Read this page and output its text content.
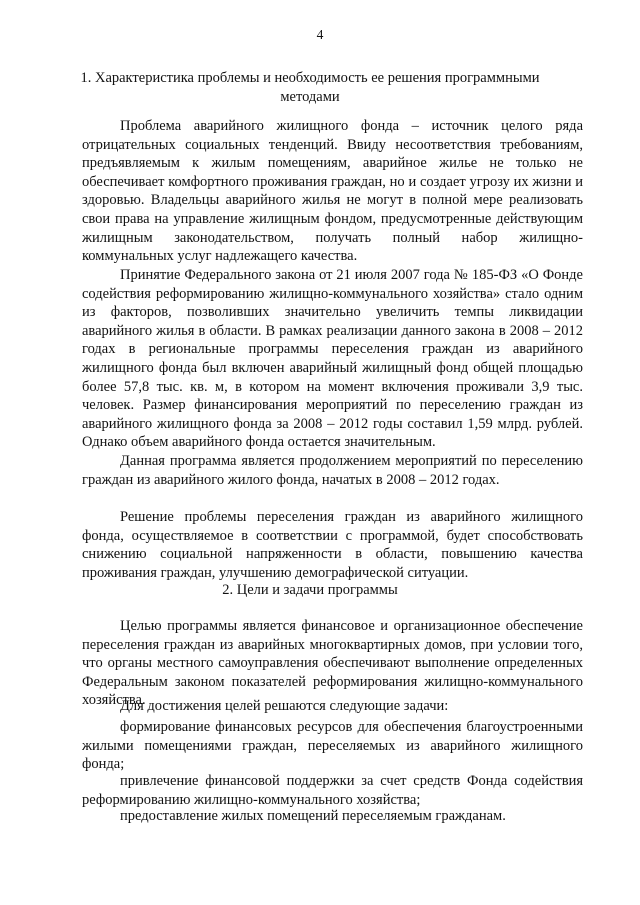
4
1. Характеристика проблемы и необходимость ее решения программными методами

Проблема аварийного жилищного фонда – источник целого ряда отрицательных социальных тенденций. Ввиду несоответствия требованиям, предъявляемым к жилым помещениям, аварийное жилье не только не обеспечивает комфортного проживания граждан, но и создает угрозу их жизни и здоровью. Владельцы аварийного жилья не могут в полной мере реализовать свои права на управление жилищным фондом, предусмотренные действующим жилищным законодательством, получать полный набор жилищно-коммунальных услуг надлежащего качества.

Принятие Федерального закона от 21 июля 2007 года № 185-ФЗ «О Фонде содействия реформированию жилищно-коммунального хозяйства» стало одним из факторов, позволивших значительно увеличить темпы ликвидации аварийного жилья в области. В рамках реализации данного закона в 2008 – 2012 годах в региональные программы переселения граждан из аварийного жилищного фонда был включен аварийный жилищный фонд общей площадью более 57,8 тыс. кв. м, в котором на момент включения проживали 3,9 тыс. человек. Размер финансирования мероприятий по переселению граждан из аварийного жилищного фонда за 2008 – 2012 годы составил 1,59 млрд. рублей. Однако объем аварийного фонда остается значительным.

Данная программа является продолжением мероприятий по переселению граждан из аварийного жилого фонда, начатых в 2008 – 2012 годах.

Решение проблемы переселения граждан из аварийного жилищного фонда, осуществляемое в соответствии с программой, будет способствовать снижению социальной напряженности в области, повышению качества проживания граждан, улучшению демографической ситуации.

2. Цели и задачи программы

Целью программы является финансовое и организационное обеспечение переселения граждан из аварийных многоквартирных домов, при условии того, что органы местного самоуправления обеспечивают выполнение определенных Федеральным законом показателей реформирования жилищно-коммунального хозяйства.

Для достижения целей решаются следующие задачи:

формирование финансовых ресурсов для обеспечения благоустроенными жилыми помещениями граждан, переселяемых из аварийного жилищного фонда;

привлечение финансовой поддержки за счет средств Фонда содействия реформированию жилищно-коммунального хозяйства;

предоставление жилых помещений переселяемым гражданам.
